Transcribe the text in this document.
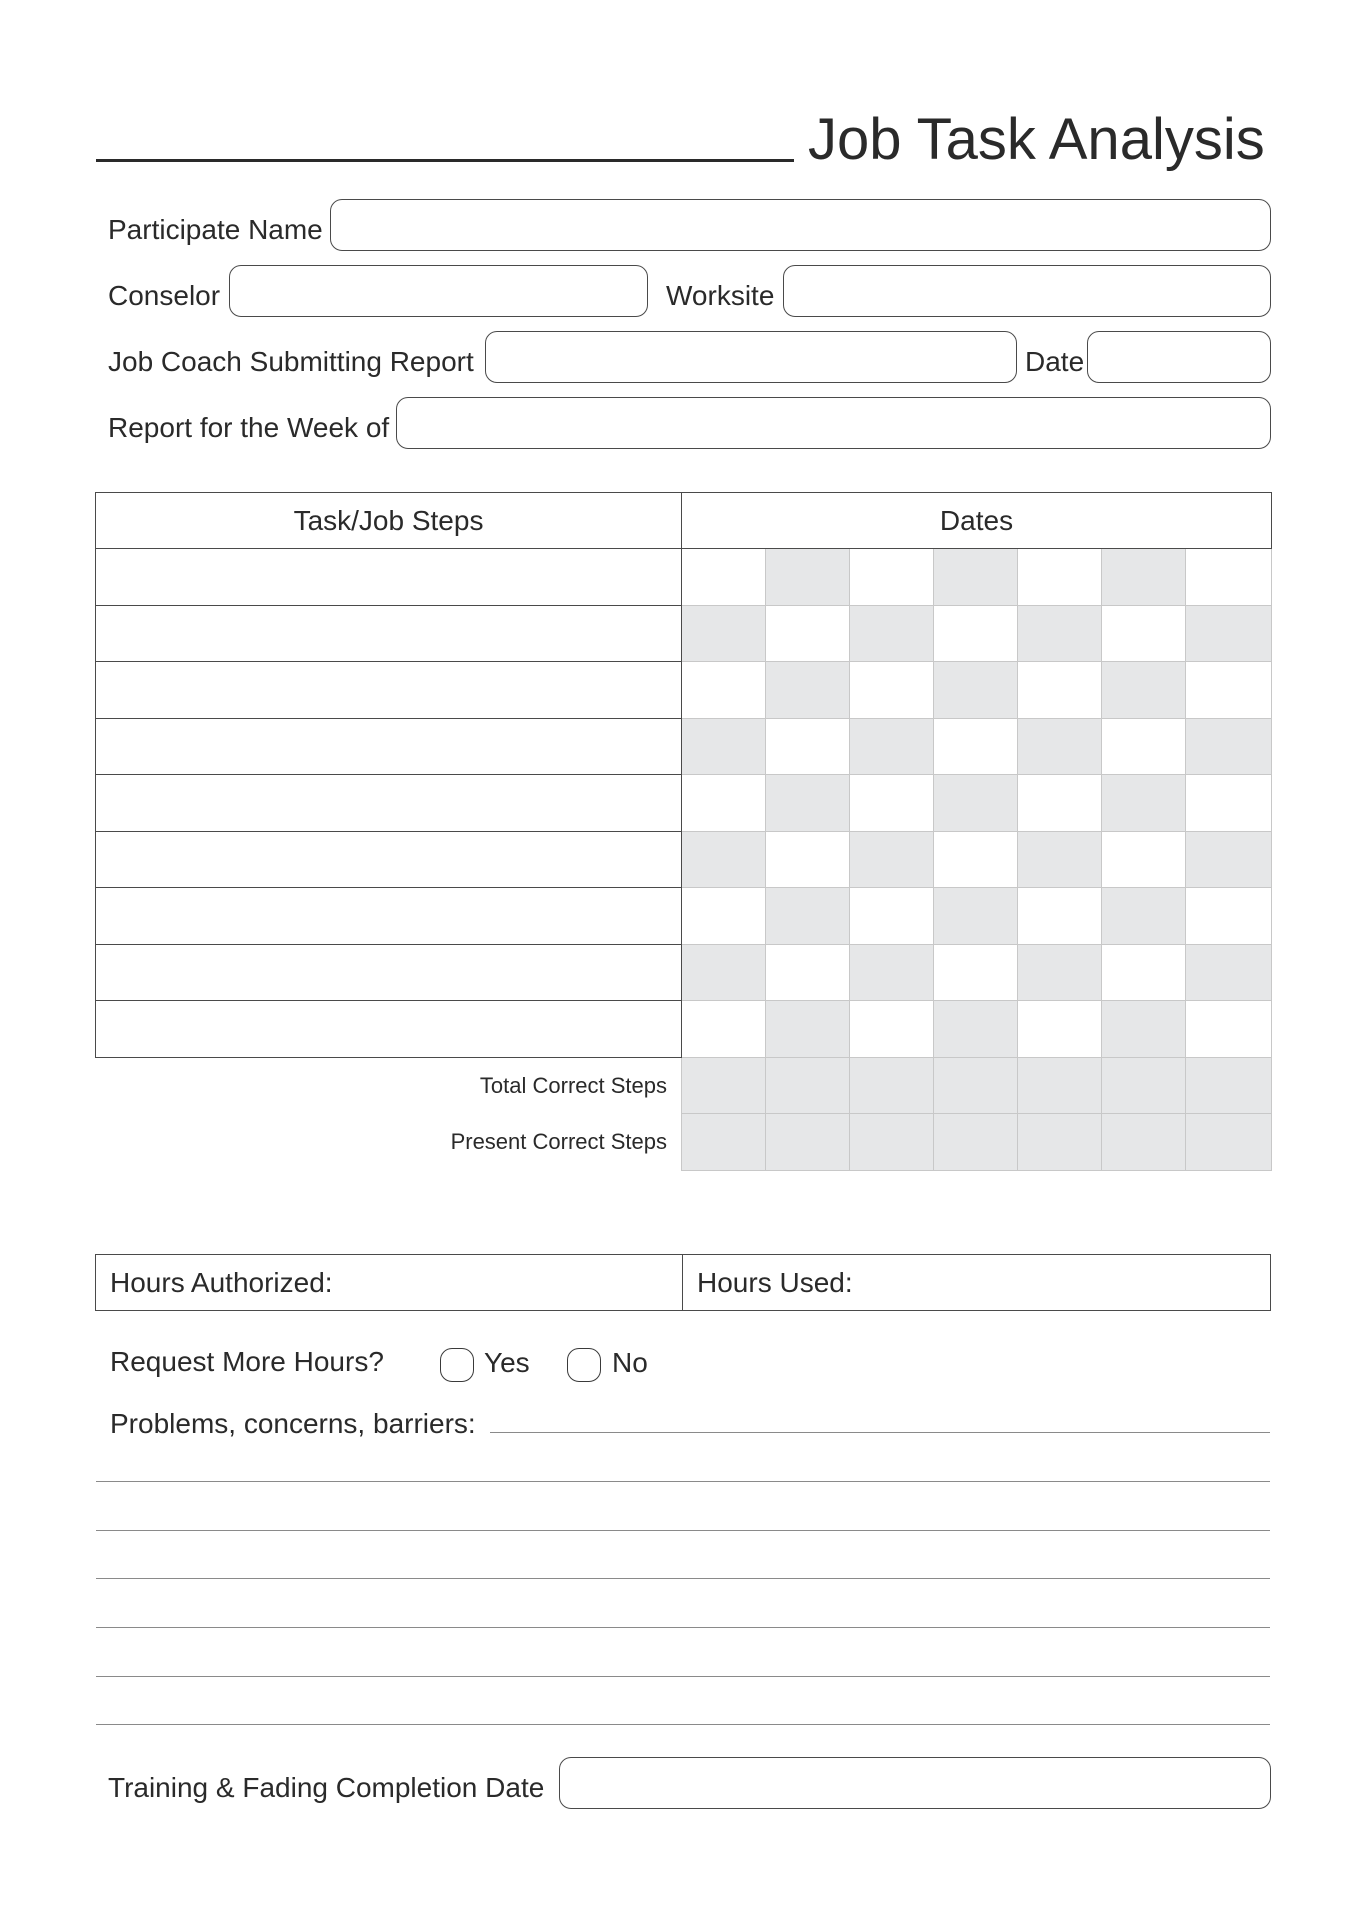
Job Task Analysis
Participate Name
Conselor	Worksite
Job Coach Submitting Report	Date
Report for the Week of
Task/Job Steps	Dates						

Total Correct Steps							
Present Correct Steps							
Hours Authorized:	Hours Used:
Request More Hours?	Yes	No
Problems, concerns, barriers:
Training & Fading Completion Date
